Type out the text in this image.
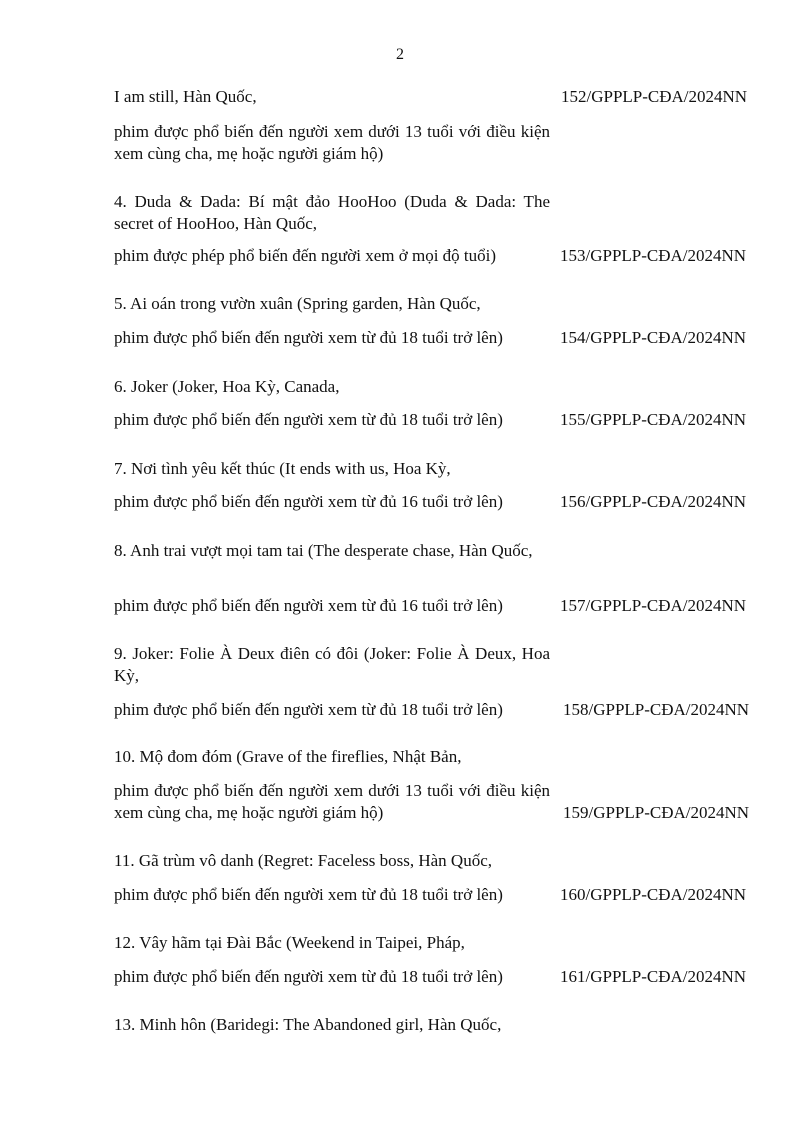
2
I am still, Hàn Quốc,	152/GPPLP-CĐA/2024NN
phim được phổ biến đến người xem dưới 13 tuổi với điều kiện xem cùng cha, mẹ hoặc người giám hộ)
4. Duda & Dada: Bí mật đảo HooHoo (Duda & Dada: The secret of HooHoo, Hàn Quốc,
phim được phép phổ biến đến người xem ở mọi độ tuổi)	153/GPPLP-CĐA/2024NN
5. Ai oán trong vườn xuân (Spring garden, Hàn Quốc,
phim được phổ biến đến người xem từ đủ 18 tuổi trở lên)	154/GPPLP-CĐA/2024NN
6. Joker (Joker, Hoa Kỳ, Canada,
phim được phổ biến đến người xem từ đủ 18 tuổi trở lên)	155/GPPLP-CĐA/2024NN
7. Nơi tình yêu kết thúc (It ends with us, Hoa Kỳ,
phim được phổ biến đến người xem từ đủ 16 tuổi trở lên)	156/GPPLP-CĐA/2024NN
8. Anh trai vượt mọi tam tai (The desperate chase, Hàn Quốc,
phim được phổ biến đến người xem từ đủ 16 tuổi trở lên)	157/GPPLP-CĐA/2024NN
9. Joker: Folie À Deux điên có đôi (Joker: Folie À Deux, Hoa Kỳ,
phim được phổ biến đến người xem từ đủ 18 tuổi trở lên)	158/GPPLP-CĐA/2024NN
10. Mộ đom đóm (Grave of the fireflies, Nhật Bản,
phim được phổ biến đến người xem dưới 13 tuổi với điều kiện xem cùng cha, mẹ hoặc người giám hộ)	159/GPPLP-CĐA/2024NN
11. Gã trùm vô danh (Regret: Faceless boss, Hàn Quốc,
phim được phổ biến đến người xem từ đủ 18 tuổi trở lên)	160/GPPLP-CĐA/2024NN
12. Vây hãm tại Đài Bắc (Weekend in Taipei, Pháp,
phim được phổ biến đến người xem từ đủ 18 tuổi trở lên)	161/GPPLP-CĐA/2024NN
13. Minh hôn (Baridegi: The Abandoned girl, Hàn Quốc,
